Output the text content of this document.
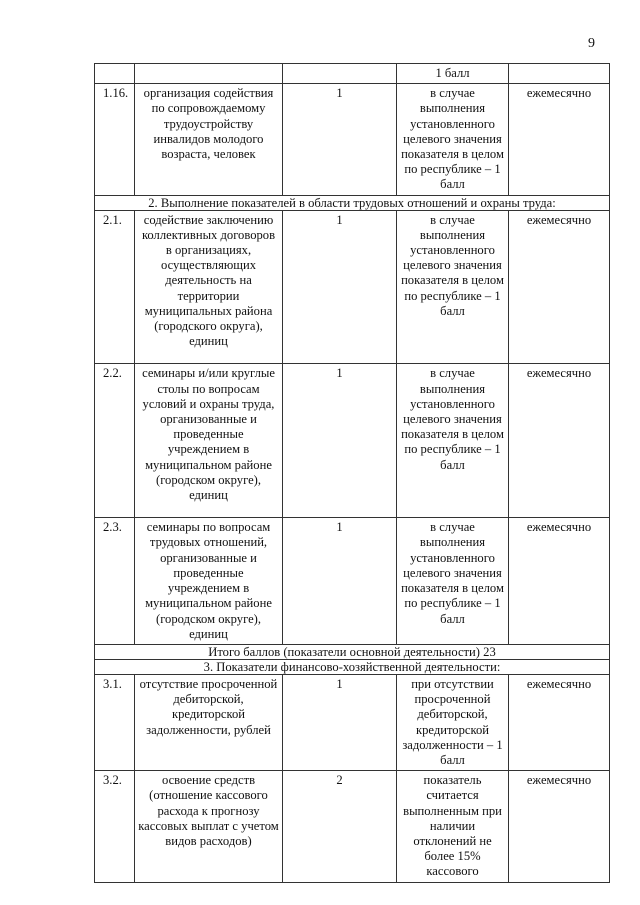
9
			1 балл	
1.16.	организация содействия по сопровождаемому трудоустройству инвалидов молодого возраста, человек	1	в случае выполнения установленного целевого значения показателя в целом по республике – 1 балл	ежемесячно
2. Выполнение показателей в области трудовых отношений и охраны труда:				
2.1.	содействие заключению коллективных договоров в организациях, осуществляющих деятельность на территории муниципальных района (городского округа), единиц	1	в случае выполнения установленного целевого значения показателя в целом по республике – 1 балл	ежемесячно
2.2.	семинары и/или круглые столы по вопросам условий и охраны труда, организованные и проведенные учреждением в муниципальном районе (городском округе), единиц	1	в случае выполнения установленного целевого значения показателя в целом по республике – 1 балл	ежемесячно
2.3.	семинары по вопросам трудовых отношений, организованные и проведенные учреждением в муниципальном районе (городском округе), единиц	1	в случае выполнения установленного целевого значения показателя в целом по республике – 1 балл	ежемесячно
Итого баллов (показатели основной деятельности) 23				
3. Показатели финансово-хозяйственной деятельности:				
3.1.	отсутствие просроченной дебиторской, кредиторской задолженности, рублей	1	при отсутствии просроченной дебиторской, кредиторской задолженности – 1 балл	ежемесячно
3.2.	освоение средств (отношение кассового расхода к прогнозу кассовых выплат с учетом видов расходов)	2	показатель считается выполненным при наличии отклонений не более 15% кассового	ежемесячно
